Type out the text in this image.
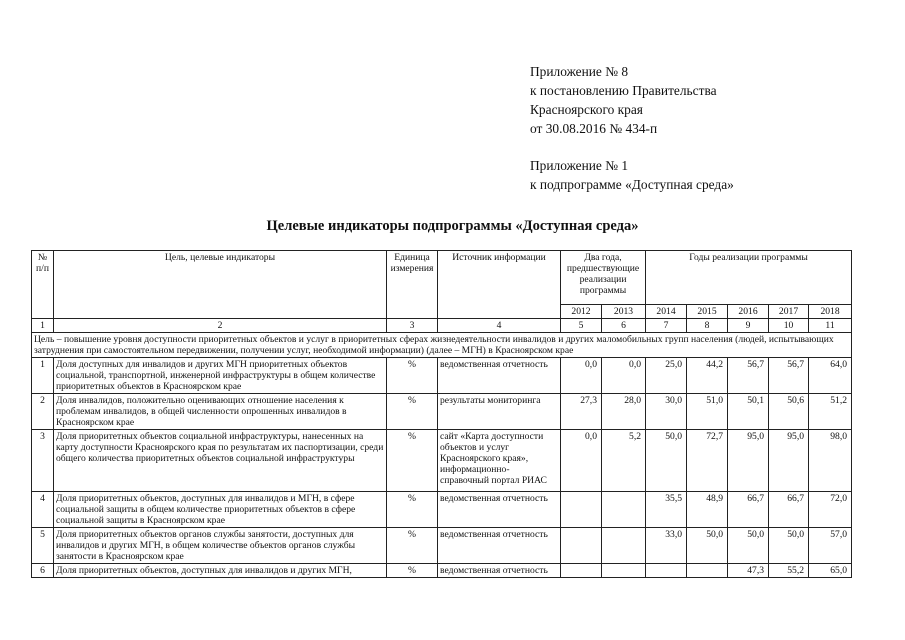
Приложение № 8
к постановлению Правительства
Красноярского края
от 30.08.2016 № 434-п
Приложение № 1
к подпрограмме «Доступная среда»
Целевые индикаторы подпрограммы «Доступная среда»
№ п/п	Цель, целевые индикаторы	Единица измерения	Источник информации	Два года, предшествующие реализации программы		Годы реализации программы				
				2012	2013	2014	2015	2016	2017	2018
1	2	3	4	5	6	7	8	9	10	11
Цель – повышение уровня доступности приоритетных объектов и услуг в приоритетных сферах жизнедеятельности инвалидов и других маломобильных групп населения (людей, испытывающих затруднения при самостоятельном передвижении, получении услуг, необходимой информации) (далее – МГН) в Красноярском крае										
1	Доля доступных для инвалидов и других МГН приоритетных объектов социальной, транспортной, инженерной инфраструктуры в общем количестве приоритетных объектов в Красноярском крае	%	ведомственная отчетность	0,0	0,0	25,0	44,2	56,7	56,7	64,0
2	Доля инвалидов, положительно оценивающих отношение населения к проблемам инвалидов, в общей численности опрошенных инвалидов в Красноярском крае	%	результаты мониторинга	27,3	28,0	30,0	51,0	50,1	50,6	51,2
3	Доля приоритетных объектов социальной инфраструктуры, нанесенных на карту доступности Красноярского края по результатам их паспортизации, среди общего количества приоритетных объектов социальной инфраструктуры	%	сайт «Карта доступности объектов и услуг Красноярского края», информационно-справочный портал РИАС	0,0	5,2	50,0	72,7	95,0	95,0	98,0
4	Доля приоритетных объектов, доступных для инвалидов и МГН, в сфере социальной защиты в общем количестве приоритетных объектов в сфере социальной защиты в Красноярском крае	%	ведомственная отчетность			35,5	48,9	66,7	66,7	72,0
5	Доля приоритетных объектов органов службы занятости, доступных для инвалидов и других МГН, в общем количестве объектов органов службы занятости в Красноярском крае	%	ведомственная отчетность			33,0	50,0	50,0	50,0	57,0
6	Доля приоритетных объектов, доступных для инвалидов и других МГН,	%	ведомственная отчетность					47,3	55,2	65,0
